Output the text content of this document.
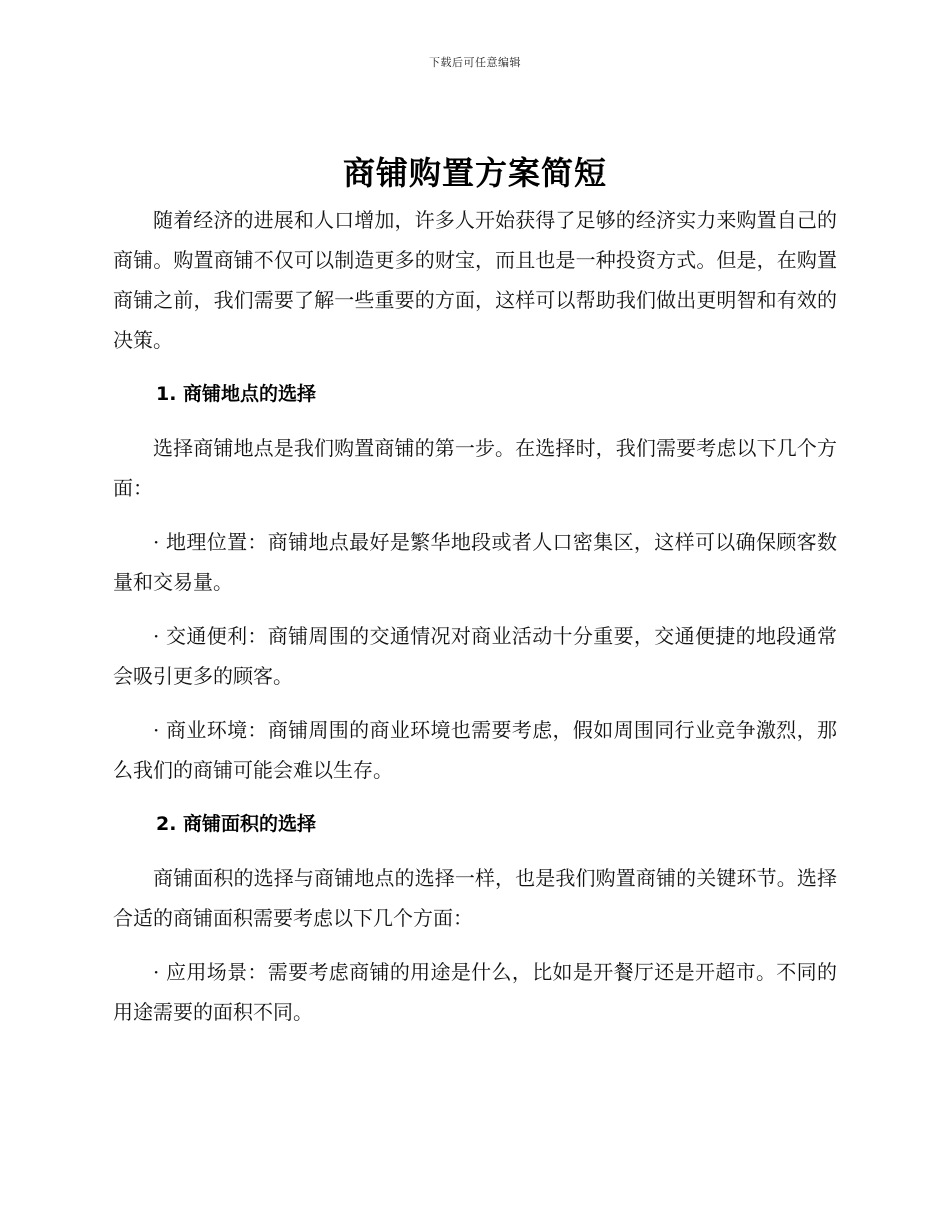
下载后可任意编辑
商铺购置方案简短

随着经济的进展和人口增加，许多人开始获得了足够的经济实力来购置自己的商铺。购置商铺不仅可以制造更多的财宝，而且也是一种投资方式。但是，在购置商铺之前，我们需要了解一些重要的方面，这样可以帮助我们做出更明智和有效的决策。

1. 商铺地点的选择

选择商铺地点是我们购置商铺的第一步。在选择时，我们需要考虑以下几个方面：

· 地理位置：商铺地点最好是繁华地段或者人口密集区，这样可以确保顾客数量和交易量。

· 交通便利：商铺周围的交通情况对商业活动十分重要，交通便捷的地段通常会吸引更多的顾客。

· 商业环境：商铺周围的商业环境也需要考虑，假如周围同行业竞争激烈，那么我们的商铺可能会难以生存。

2. 商铺面积的选择

商铺面积的选择与商铺地点的选择一样，也是我们购置商铺的关键环节。选择合适的商铺面积需要考虑以下几个方面：

· 应用场景：需要考虑商铺的用途是什么，比如是开餐厅还是开超市。不同的用途需要的面积不同。
